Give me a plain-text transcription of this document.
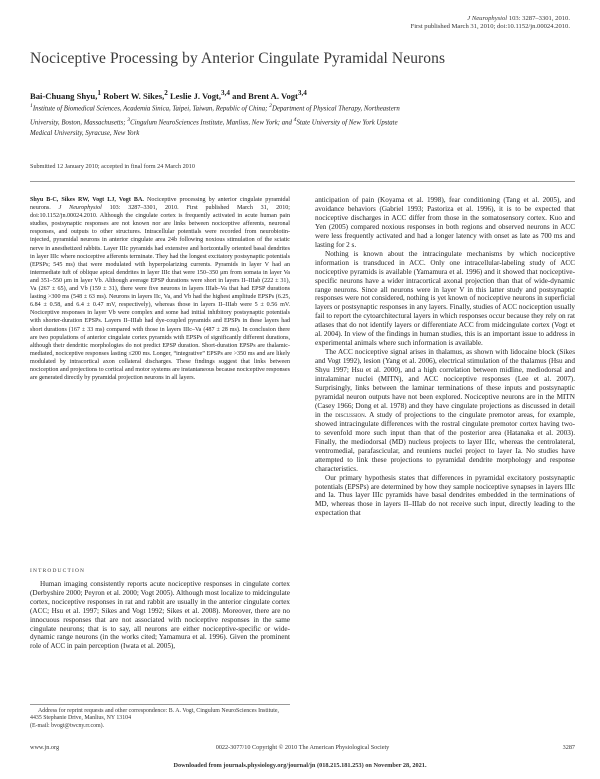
J Neurophysiol 103: 3287–3301, 2010.
First published March 31, 2010; doi:10.1152/jn.00024.2010.
Nociceptive Processing by Anterior Cingulate Pyramidal Neurons
Bai-Chuang Shyu,$^1$ Robert W. Sikes,$^2$ Leslie J. Vogt,$^{3,4}$ and Brent A. Vogt$^{3,4}$
$^1$Institute of Biomedical Sciences, Academia Sinica, Taipei, Taiwan, Republic of China; $^2$Department of Physical Therapy, Northeastern
University, Boston, Massachusetts; $^3$Cingulum NeuroSciences Institute, Manlius, New York; and $^4$State University of New York Upstate
Medical University, Syracuse, New York
Submitted 12 January 2010; accepted in final form 24 March 2010

Shyu B-C, Sikes RW, Vogt LJ, Vogt BA. Nociceptive processing by anterior cingulate pyramidal neurons. J Neurophysiol 103: 3287–3301, 2010. First published March 31, 2010; doi:10.1152/jn.00024.2010. Although the cingulate cortex is frequently activated in acute human pain studies, postsynaptic responses are not known nor are links between nociceptive afferents, neuronal responses, and outputs to other structures. Intracellular potentials were recorded from neurobiotin-injected, pyramidal neurons in anterior cingulate area 24b following noxious stimulation of the sciatic nerve in anesthetized rabbits. Layer IIIc pyramids had extensive and horizontally oriented basal dendrites in layer IIIc where nociceptive afferents terminate. They had the longest excitatory postsynaptic potentials (EPSPs; 545 ms) that were modulated with hyperpolarizing currents. Pyramids in layer V had an intermediate tuft of oblique apical dendrites in layer IIIc that were 150–350 μm from somata in layer Va and 351–550 μm in layer Vb. Although average EPSP durations were short in layers II–IIIab (222 ± 31), Va (267 ± 65), and Vb (159 ± 31), there were five neurons in layers IIIab–Va that had EPSP durations lasting >300 ms (548 ± 63 ms). Neurons in layers IIc, Va, and Vb had the highest amplitude EPSPs (6.25, 6.84 ± 0.58, and 6.4 ± 0.47 mV, respectively), whereas those in layers II–IIIab were 5 ± 0.56 mV. Nociceptive responses in layer Vb were complex and some had initial inhibitory postsynaptic potentials with shorter-duration EPSPs. Layers II–IIIab had dye-coupled pyramids and EPSPs in these layers had short durations (167 ± 33 ms) compared with those in layers IIIc–Va (487 ± 28 ms). In conclusion there are two populations of anterior cingulate cortex pyramids with EPSPs of significantly different durations, although their dendritic morphologies do not predict EPSP duration. Short-duration EPSPs are thalamic-mediated, nociceptive responses lasting ≤200 ms. Longer, “integrative” EPSPs are >350 ms and are likely modulated by intracortical axon collateral discharges. These findings suggest that links between nociception and projections to cortical and motor systems are instantaneous because nociceptive responses are generated directly by pyramidal projection neurons in all layers.

INTRODUCTION

Human imaging consistently reports acute nociceptive responses in cingulate cortex (Derbyshire 2000; Peyron et al. 2000; Vogt 2005). Although most localize to midcingulate cortex, nociceptive responses in rat and rabbit are usually in the anterior cingulate cortex (ACC; Hsu et al. 1997; Sikes and Vogt 1992; Sikes et al. 2008). Moreover, there are no innocuous responses that are not associated with nociceptive responses in the same cingulate neurons; that is to say, all neurons are either nociceptive-specific or wide-dynamic range neurons (in the works cited; Yamamura et al. 1996). Given the prominent role of ACC in pain perception (Iwata et al. 2005),

anticipation of pain (Koyama et al. 1998), fear conditioning (Tang et al. 2005), and avoidance behaviors (Gabriel 1993; Pastoriza et al. 1996), it is to be expected that nociceptive discharges in ACC differ from those in the somatosensory cortex. Kuo and Yen (2005) compared noxious responses in both regions and observed neurons in ACC were less frequently activated and had a longer latency with onset as late as 700 ms and lasting for 2 s.

Nothing is known about the intracingulate mechanisms by which nociceptive information is transduced in ACC. Only one intracellular-labeling study of ACC nociceptive pyramids is available (Yamamura et al. 1996) and it showed that nociceptive-specific neurons have a wider intracortical axonal projection than that of wide-dynamic range neurons. Since all neurons were in layer V in this latter study and postsynaptic responses were not considered, nothing is yet known of nociceptive neurons in superficial layers or postsynaptic responses in any layers. Finally, studies of ACC nociception usually fail to report the cytoarchitectural layers in which responses occur because they rely on rat atlases that do not identify layers or differentiate ACC from midcingulate cortex (Vogt et al. 2004). In view of the findings in human studies, this is an important issue to address in experimental animals where such information is available.

The ACC nociceptive signal arises in thalamus, as shown with lidocaine block (Sikes and Vogt 1992), lesion (Yang et al. 2006), electrical stimulation of the thalamus (Hsu and Shyu 1997; Hsu et al. 2000), and a high correlation between midline, mediodorsal and intralaminar nuclei (MITN), and ACC nociceptive responses (Lee et al. 2007). Surprisingly, links between the laminar terminations of these inputs and postsynaptic pyramidal neuron outputs have not been explored. Nociceptive neurons are in the MITN (Casey 1966; Dong et al. 1978) and they have cingulate projections as discussed in detail in the discussion. A study of projections to the cingulate premotor areas, for example, showed intracingulate differences with the rostral cingulate premotor cortex having two- to sevenfold more such input than that of the posterior area (Hatanaka et al. 2003). Finally, the mediodorsal (MD) nucleus projects to layer IIIc, whereas the centrolateral, ventromedial, parafascicular, and reuniens nuclei project to layer Ia. No studies have attempted to link these projections to pyramidal dendrite morphology and response characteristics.

Our primary hypothesis states that differences in pyramidal excitatory postsynaptic potentials (EPSPs) are determined by how they sample nociceptive synapses in layers IIIc and Ia. Thus layer IIIc pyramids have basal dendrites embedded in the terminations of MD, whereas those in layers II–IIIab do not receive such input, directly leading to the expectation that

Address for reprint requests and other correspondence: B. A. Vogt, Cingulum NeuroSciences Institute, 4435 Stephanie Drive, Manlius, NY 13104
(E-mail: bvogt@twcny.rr.com).
www.jn.org	0022-3077/10 Copyright © 2010 The American Physiological Society	3287
Downloaded from journals.physiology.org/journal/jn (018.215.181.253) on November 28, 2021.
